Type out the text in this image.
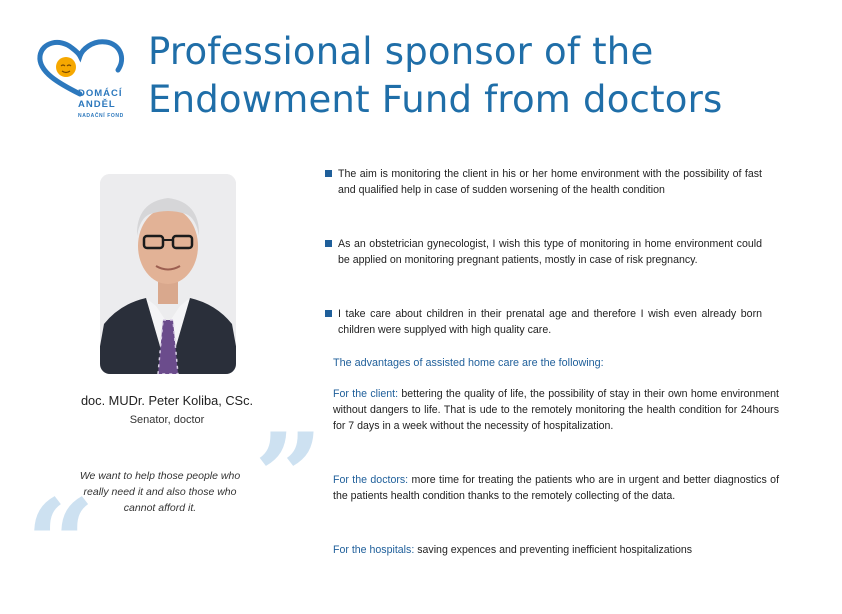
DOMÁCÍ
ANDĚL
NADAČNÍ FOND
Professional sponsor of the
Endowment Fund from doctors
The aim is monitoring the client in his or her home environment with the possibility of fast and qualified help in case of sudden worsening of the health condition
As an obstetrician gynecologist, I wish this type of monitoring in home environment could be applied on monitoring pregnant patients, mostly in case of risk pregnancy.
I take care about children in their prenatal age and therefore I wish even already born children were supplyed with high quality care.
The advantages of assisted home care are the following:
For the client: bettering the quality of life, the possibility of stay in their own home environment without dangers to life. That is ude to the remotely monitoring the health condition for 24hours for 7 days in a week without the necessity of hospitalization.
For the doctors: more time for treating the patients who are in urgent and better diagnostics of the patients health condition thanks to the remotely collecting of the data.
For the hospitals: saving expences and preventing inefficient hospitalizations
doc. MUDr. Peter Koliba, CSc.
Senator, doctor ”
“
We want to help those people who really need it and also those who cannot afford it.
